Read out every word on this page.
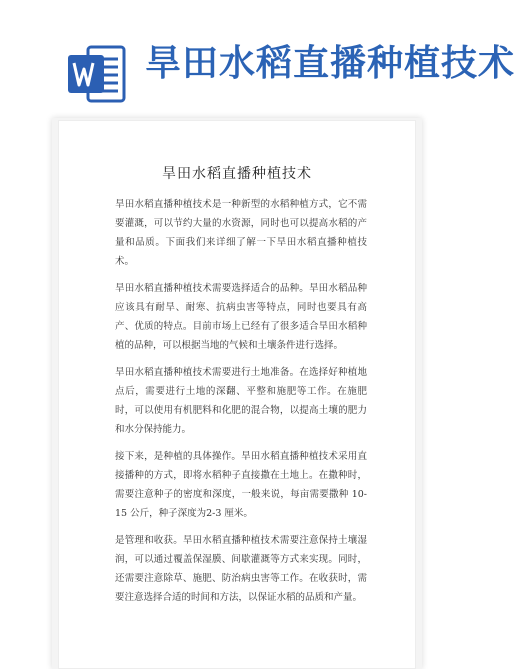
旱田水稻直播种植技术
旱田水稻直播种植技术

旱田水稻直播种植技术是一种新型的水稻种植方式，它不需要灌溉，可以节约大量的水资源，同时也可以提高水稻的产量和品质。下面我们来详细了解一下旱田水稻直播种植技术。

旱田水稻直播种植技术需要选择适合的品种。旱田水稻品种应该具有耐旱、耐寒、抗病虫害等特点，同时也要具有高产、优质的特点。目前市场上已经有了很多适合旱田水稻种植的品种，可以根据当地的气候和土壤条件进行选择。

旱田水稻直播种植技术需要进行土地准备。在选择好种植地点后，需要进行土地的深翻、平整和施肥等工作。在施肥时，可以使用有机肥料和化肥的混合物，以提高土壤的肥力和水分保持能力。

接下来，是种植的具体操作。旱田水稻直播种植技术采用直接播种的方式，即将水稻种子直接撒在土地上。在撒种时，需要注意种子的密度和深度，一般来说，每亩需要撒种 10-15 公斤，种子深度为2-3 厘米。

是管理和收获。旱田水稻直播种植技术需要注意保持土壤湿润，可以通过覆盖保湿膜、间歇灌溉等方式来实现。同时，还需要注意除草、施肥、防治病虫害等工作。在收获时，需要注意选择合适的时间和方法，以保证水稻的品质和产量。
